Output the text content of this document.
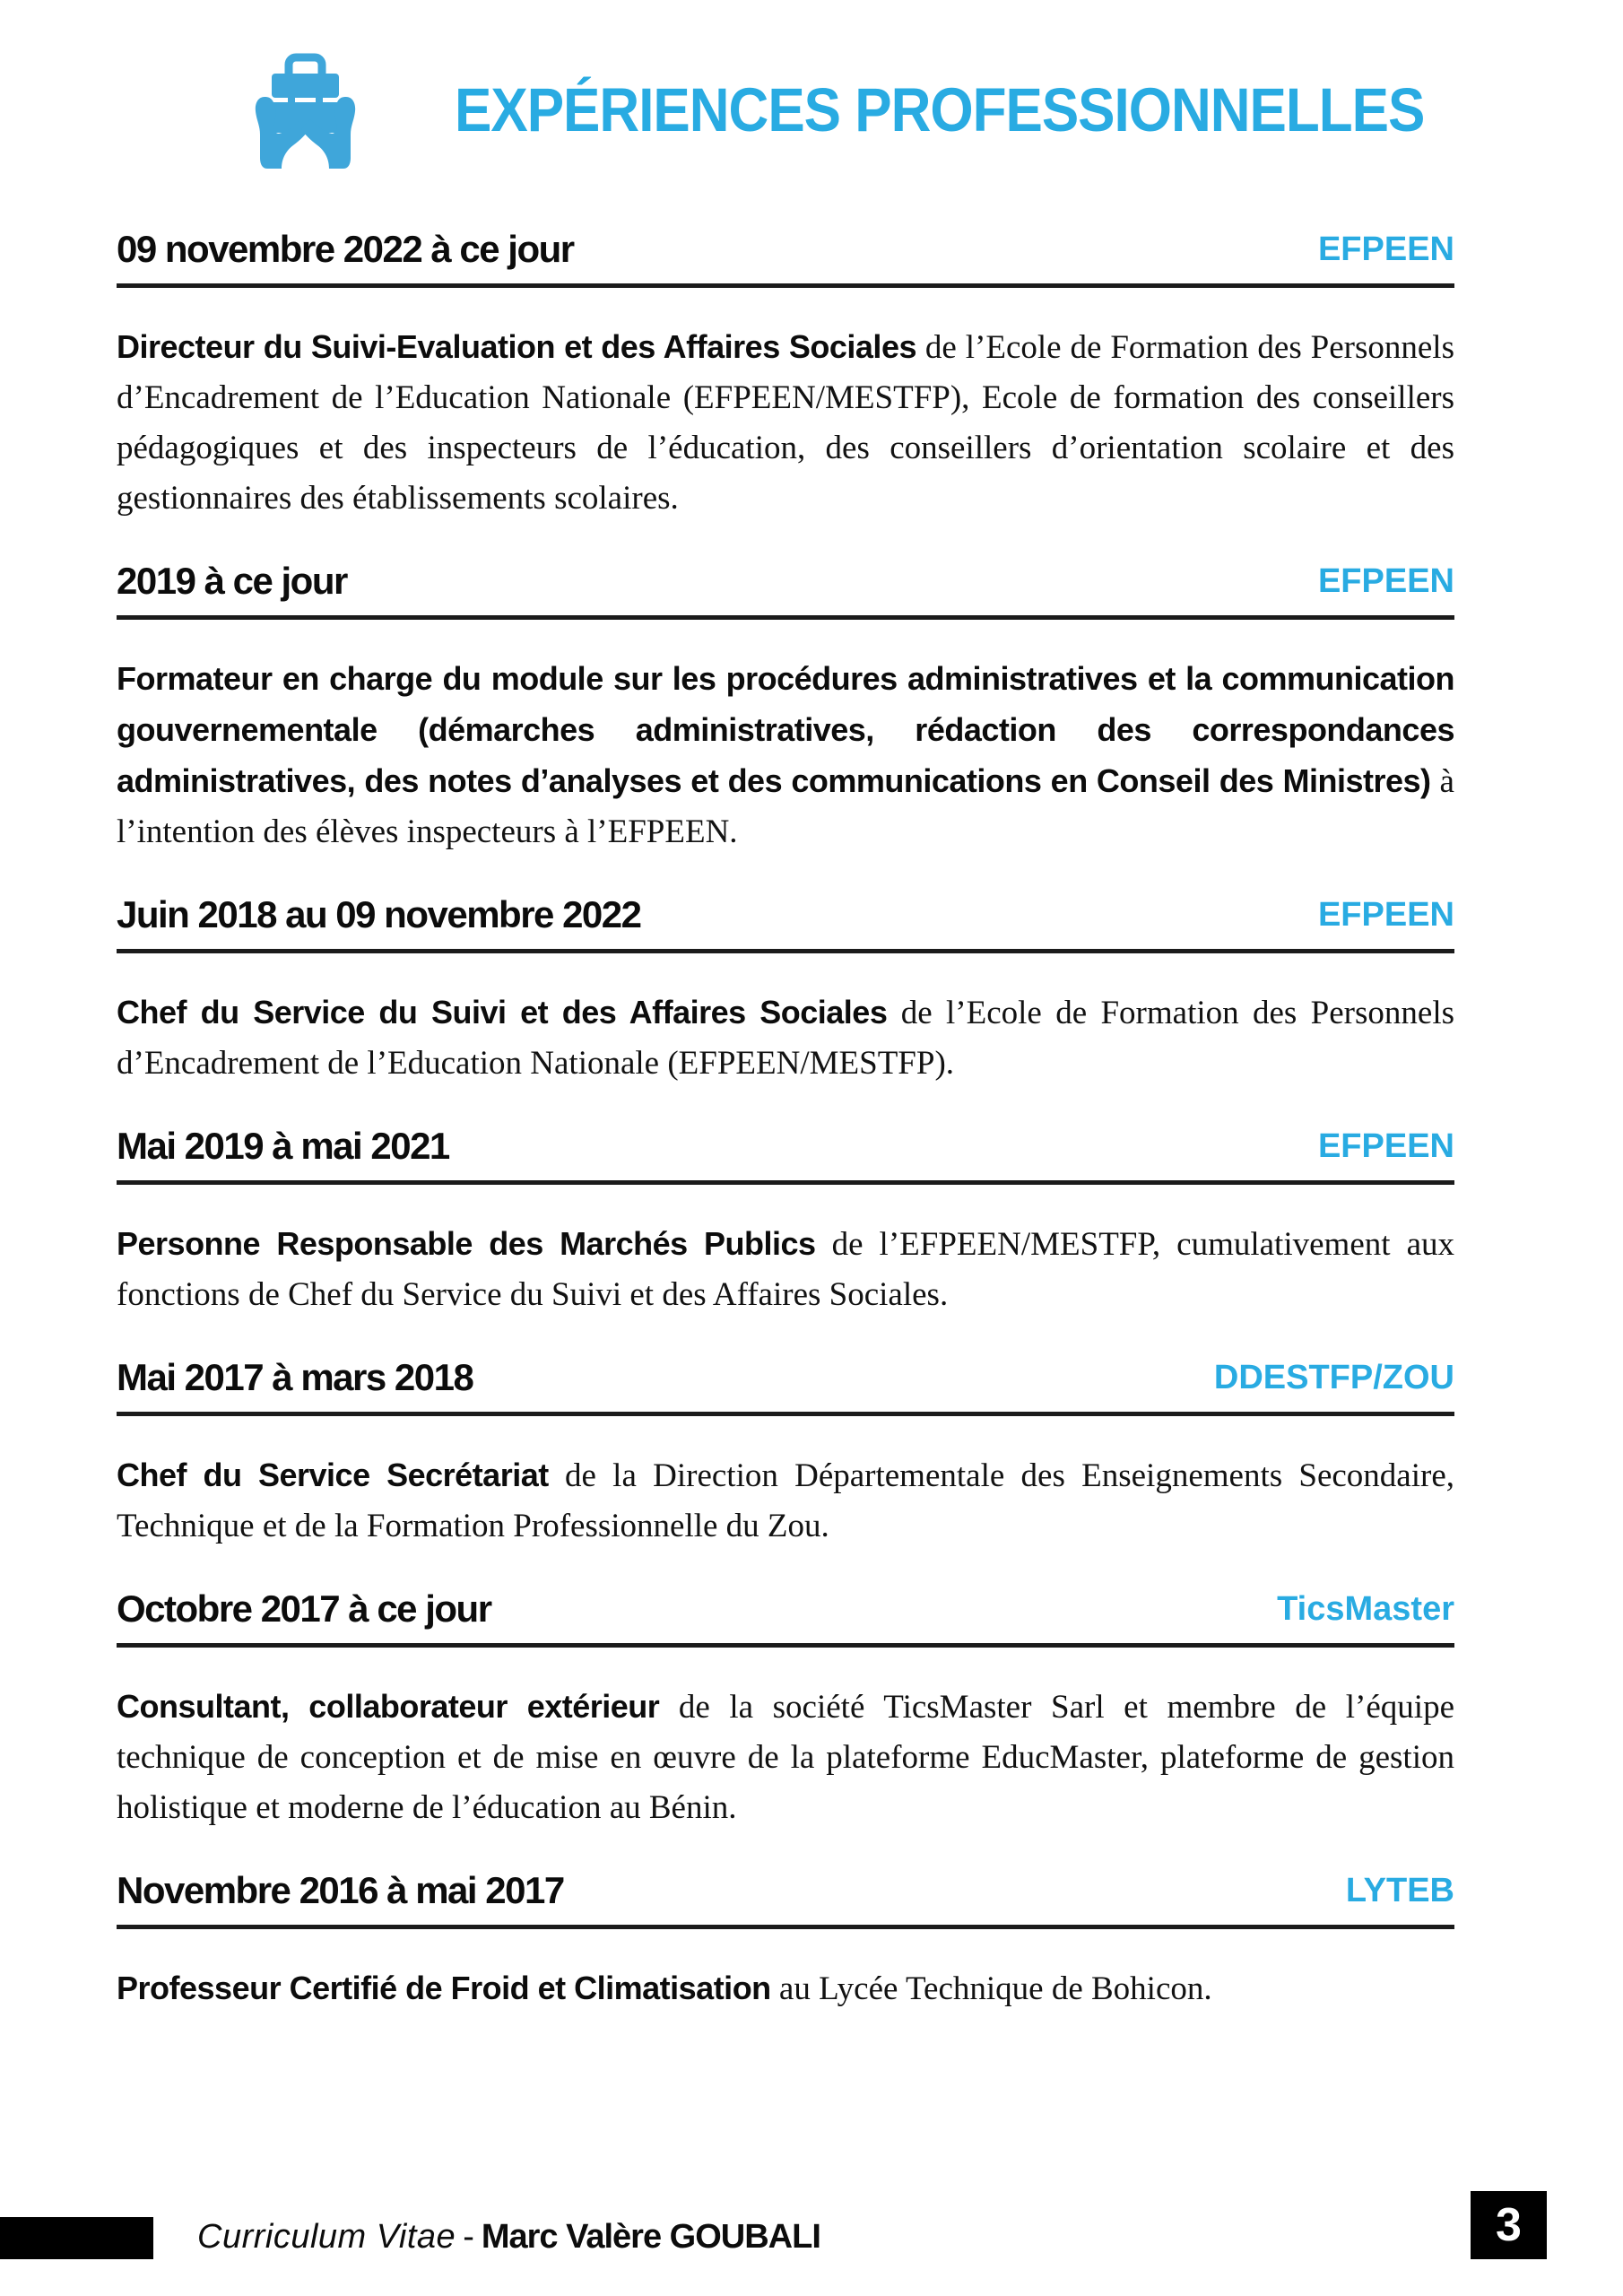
EXPÉRIENCES PROFESSIONNELLES
09 novembre 2022 à ce jour	EFPEEN
Directeur du Suivi-Evaluation et des Affaires Sociales de l’Ecole de Formation des Personnels d’Encadrement de l’Education Nationale (EFPEEN/MESTFP), Ecole de formation des conseillers pédagogiques et des inspecteurs de l’éducation, des conseillers d’orientation scolaire et des gestionnaires des établissements scolaires.
2019 à ce jour	EFPEEN
Formateur en charge du module sur les procédures administratives et la communication gouvernementale (démarches administratives, rédaction des correspondances administratives, des notes d’analyses et des communications en Conseil des Ministres) à l’intention des élèves inspecteurs à l’EFPEEN.
Juin 2018 au 09 novembre 2022	EFPEEN
Chef du Service du Suivi et des Affaires Sociales de l’Ecole de Formation des Personnels d’Encadrement de l’Education Nationale (EFPEEN/MESTFP).
Mai 2019 à mai 2021	EFPEEN
Personne Responsable des Marchés Publics de l’EFPEEN/MESTFP, cumulativement aux fonctions de Chef du Service du Suivi et des Affaires Sociales.
Mai 2017 à mars 2018	DDESTFP/ZOU
Chef du Service Secrétariat de la Direction Départementale des Enseignements Secondaire, Technique et de la Formation Professionnelle du Zou.
Octobre 2017 à ce jour	TicsMaster
Consultant, collaborateur extérieur de la société TicsMaster Sarl et membre de l’équipe technique de conception et de mise en œuvre de la plateforme EducMaster, plateforme de gestion holistique et moderne de l’éducation au Bénin.
Novembre 2016 à mai 2017	LYTEB
Professeur Certifié de Froid et Climatisation au Lycée Technique de Bohicon.
Curriculum Vitae - Marc Valère GOUBALI	3
